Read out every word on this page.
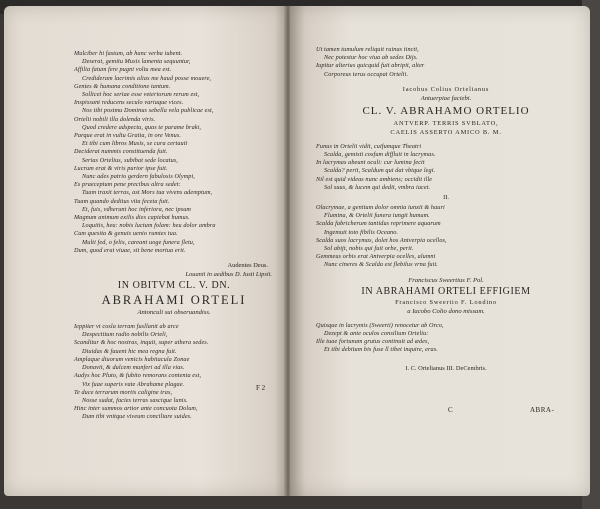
Mulciber hi fastum, ab hunc verba iubent.
Deserat, gemitu Musis lamenta sequuntur,
Affilia fatum fere pugni voltu mea est.
Credideram lacrimis alias me haud posse mouere,
Gentes & humana conditione tantum.
Sollicet hoc seriae esse veteriorum rerum est,
Inspissant reducens seculo variaque vices.
Nos tibi postmu Dominus sebella vela publicae est,
Ortelii nobili illa dolenda viris.
Quod credere adspectu, quas te parame braki,
Parque erat in vultu Gratia, in ore Venus.
Et tibi cum libros Musis, se cura certauit
Deciderat nummis constituenda fuit.
Serias Ortelius, subibat sede locatus,
Lucrum erat & viris purior ipse fuit.
Nunc ades patrio gerdern fabulosis Olympi,
Es praeceptum pene precibus altra sedet:
Tuam traxit terras, ast Mors tua vivens ademptum,
Tuam quando deditus vita feceta fuit.
Et, fuis, vdherunt hoc inferiora, nec ipsum
Magnum animum exilis dies capiebat humus.
Loquitis, heu: nobis luctum folam: heu dolor ambra
Cum quesita & genuis uenio rumtes tua.
Multi fed, o felix, careant uoge funera fletu,
Dum, quod erat viuae, sit bene mortua erit.
Audentes Deus.
Louanii in aedibus D. Iusti Lipsii.
IN OBITVM CL. V. DN.
ABRAHAMI ORTELI
Antonculi sui obseruandiss.
Ieppiter vt cosla terram fusllanit ab arce
Despectitum radio nobilis Orteli,
Scanditur & hoc nostras, inquit, super athera sedes.
Diuidas & fauent hic mea regna fuit.
Amplaque diuorum venicis habitacula Zonae
Donavit, & dulcem munferi ad illa vias.
Audys hoc Pluto, & fubito remorans contenta est,
Vix fuae superis vate Abrahame plagae.
Te duce terrarum mortis caligine tras,
Nosse sudat, facies terras sascique lunis.
Hinc inter summos artior ante concuota Dolum,
Dum tibi vnitque viveum conciliare suides.
F 2
Ut tamen tumulum reliquit ruinas tincti,
Nec potestur hoc viua ab sedes Dijs.
Iupitur alterius quicquid fuit abripit, alter
Corporeus terus occupat Ortelii.
Iacobus Colius Ortelianus
Antuerpiae faciebi.
CL. V. ABRAHAMO ORTELIO
ANTVERP. TERRIS SVBLATO,
CAELIS ASSERTO AMICO B. M.
Funus in Ortelii vidit, cuifumque Theatri
Scalda, gemisti cosfum diffluit in lacrymas.
In lacrymas abeunt oculi: cur lumina fecit
Scalda? perit, Scaldum qui dat vbique legi.
Nil est quid videas nunc ambiens; occidit ille
Sol suus, & lucem qui dedit, vmbra iacet.
II.
Olacrymae, a genitum dolor omnia iunxit & hauri
Flumina, & Ortelii funera iungit humum.
Scalda fabricherum tantidus reprimere aquarum
Ingemuit toto fibilis Oceano.
Scalda suos lacrymas, dolet hos Antverpia ocellos,
Sol abijt, nobis qui fuit orbe, perit.
Gemmeus orbis erat Antverpia ocelles, alumni
Nunc cineres & Scalda est flebilus vrna fuit.
Franciscus Sweertius F. Pol.
IN ABRAHAMI ORTELI EFFIGIEM
Francisco Sweertio F. Londino
a Iacobo Colio dono missam.
Quisque in lacrymis (Sweerti) renocetur ab Orco,
Dezept & ante oculos consilium Orteliu:
Ille tuae fortunam grutus continuit ad ædes,
Et tibi debitum bis fuse ll tibet inquire, eras.
I. C. Ortelianus III. DeCembris.
C	ABRA-
